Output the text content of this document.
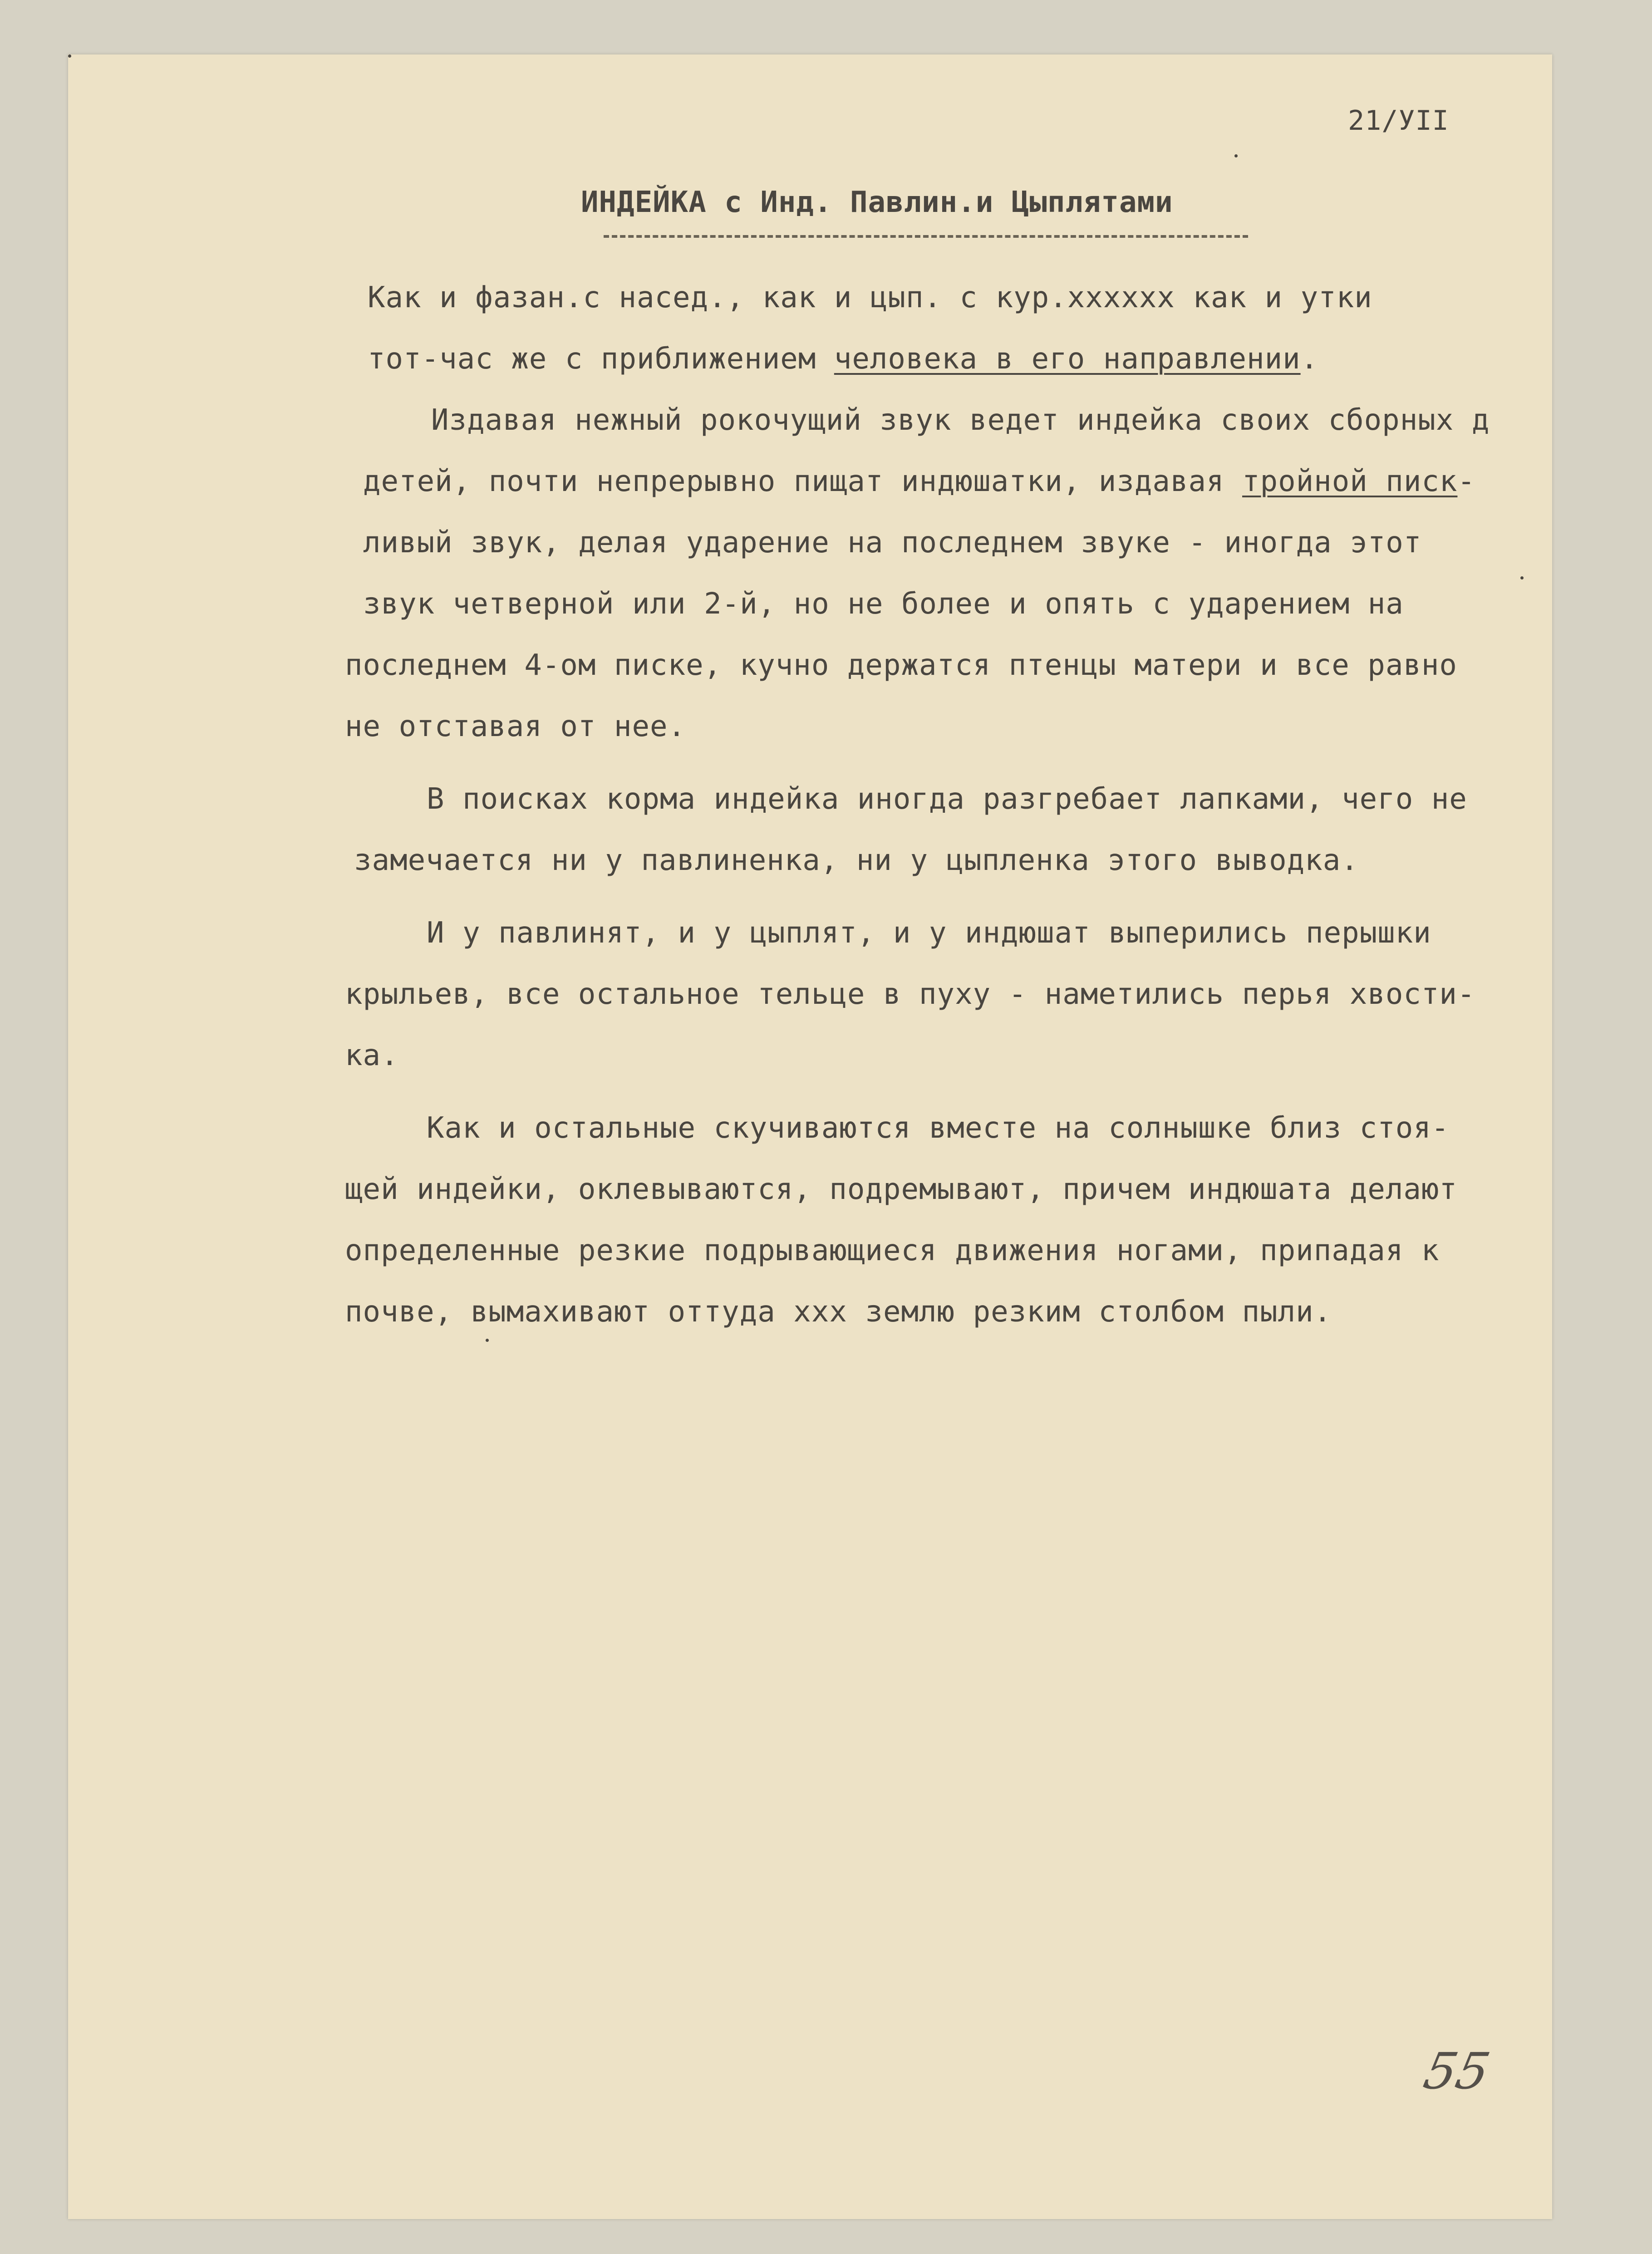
21/УII
ИНДЕЙКА с Инд. Павлин.и Цыплятами
Как и фазан.с насед., как и цып. с кур.хххххх как и утки
тот-час же с приближением человека в его направлении.
Издавая нежный рокочущий звук ведет индейка своих сборных д
детей, почти непрерывно пищат индюшатки, издавая тройной писк-
ливый звук, делая ударение на последнем звуке - иногда этот
звук четверной или 2-й, но не более и опять с ударением на
последнем 4-ом писке, кучно держатся птенцы матери и все равно
не отставая от нее.
В поисках корма индейка иногда разгребает лапками, чего не
замечается ни у павлиненка, ни у цыпленка этого выводка.
И у павлинят, и у цыплят, и у индюшат выперились перышки
крыльев, все остальное тельце в пуху - наметились перья хвости-
ка.
Как и остальные скучиваются вместе на солнышке близ стоя-
щей индейки, оклевываются, подремывают, причем индюшата делают
определенные резкие подрывающиеся движения ногами, припадая к
почве, вымахивают оттуда ххх землю резким столбом пыли.
55
